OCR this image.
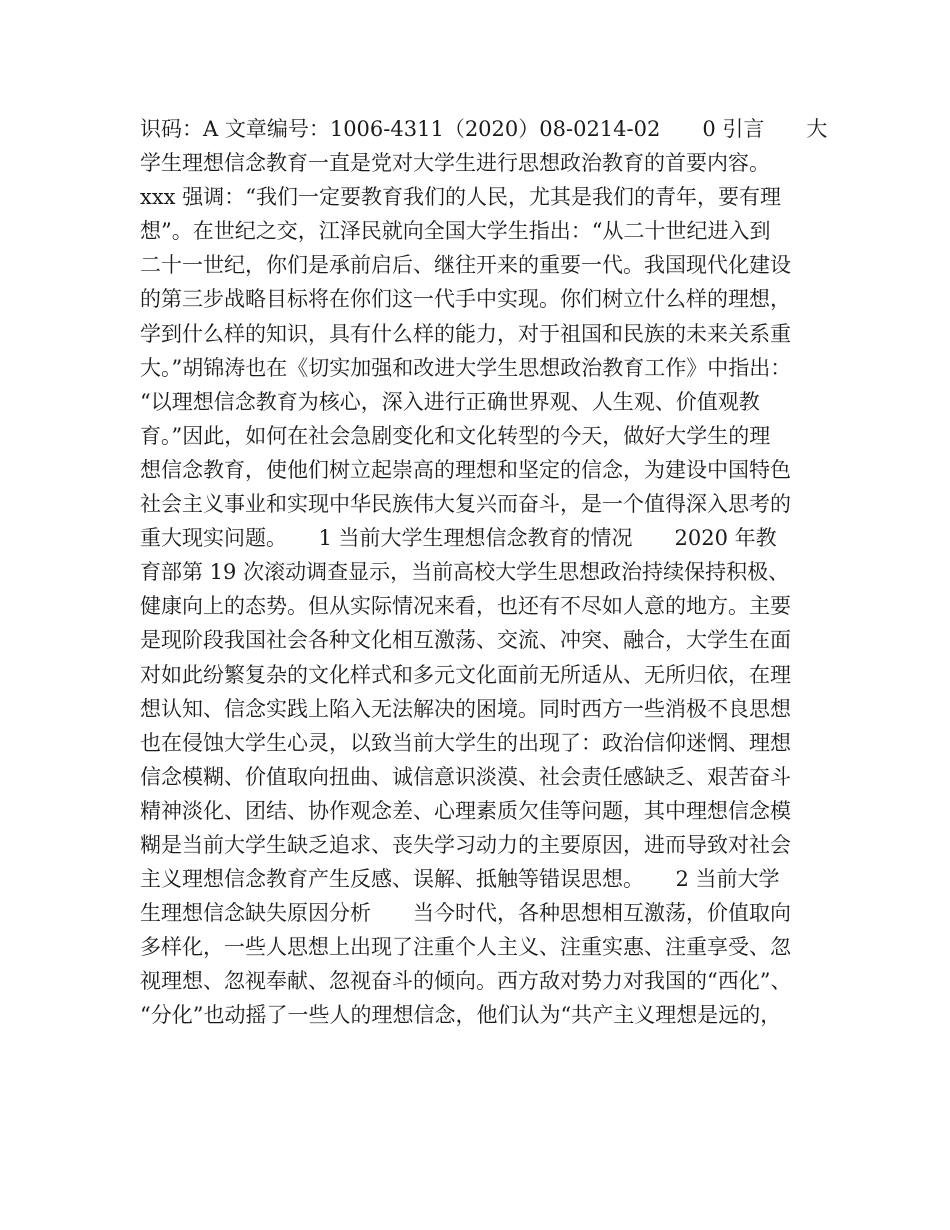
识码：A 文章编号：1006-4311（2020）08-0214-02　　0 引言　　大
学生理想信念教育一直是党对大学生进行思想政治教育的首要内容。
xxx 强调：“我们一定要教育我们的人民，尤其是我们的青年，要有理
想”。在世纪之交，江泽民就向全国大学生指出：“从二十世纪进入到
二十一世纪，你们是承前启后、继往开来的重要一代。我国现代化建设
的第三步战略目标将在你们这一代手中实现。你们树立什么样的理想，
学到什么样的知识，具有什么样的能力，对于祖国和民族的未来关系重
大。”胡锦涛也在《切实加强和改进大学生思想政治教育工作》中指出：
“以理想信念教育为核心，深入进行正确世界观、人生观、价值观教
育。”因此，如何在社会急剧变化和文化转型的今天，做好大学生的理
想信念教育，使他们树立起崇高的理想和坚定的信念，为建设中国特色
社会主义事业和实现中华民族伟大复兴而奋斗，是一个值得深入思考的
重大现实问题。　　1 当前大学生理想信念教育的情况　　2020 年教
育部第 19 次滚动调查显示，当前高校大学生思想政治持续保持积极、
健康向上的态势。但从实际情况来看，也还有不尽如人意的地方。主要
是现阶段我国社会各种文化相互激荡、交流、冲突、融合，大学生在面
对如此纷繁复杂的文化样式和多元文化面前无所适从、无所归依，在理
想认知、信念实践上陷入无法解决的困境。同时西方一些消极不良思想
也在侵蚀大学生心灵，以致当前大学生的出现了：政治信仰迷惘、理想
信念模糊、价值取向扭曲、诚信意识淡漠、社会责任感缺乏、艰苦奋斗
精神淡化、团结、协作观念差、心理素质欠佳等问题，其中理想信念模
糊是当前大学生缺乏追求、丧失学习动力的主要原因，进而导致对社会
主义理想信念教育产生反感、误解、抵触等错误思想。　　2 当前大学
生理想信念缺失原因分析　　当今时代，各种思想相互激荡，价值取向
多样化，一些人思想上出现了注重个人主义、注重实惠、注重享受、忽
视理想、忽视奉献、忽视奋斗的倾向。西方敌对势力对我国的“西化”、
“分化”也动摇了一些人的理想信念，他们认为“共产主义理想是远的，
